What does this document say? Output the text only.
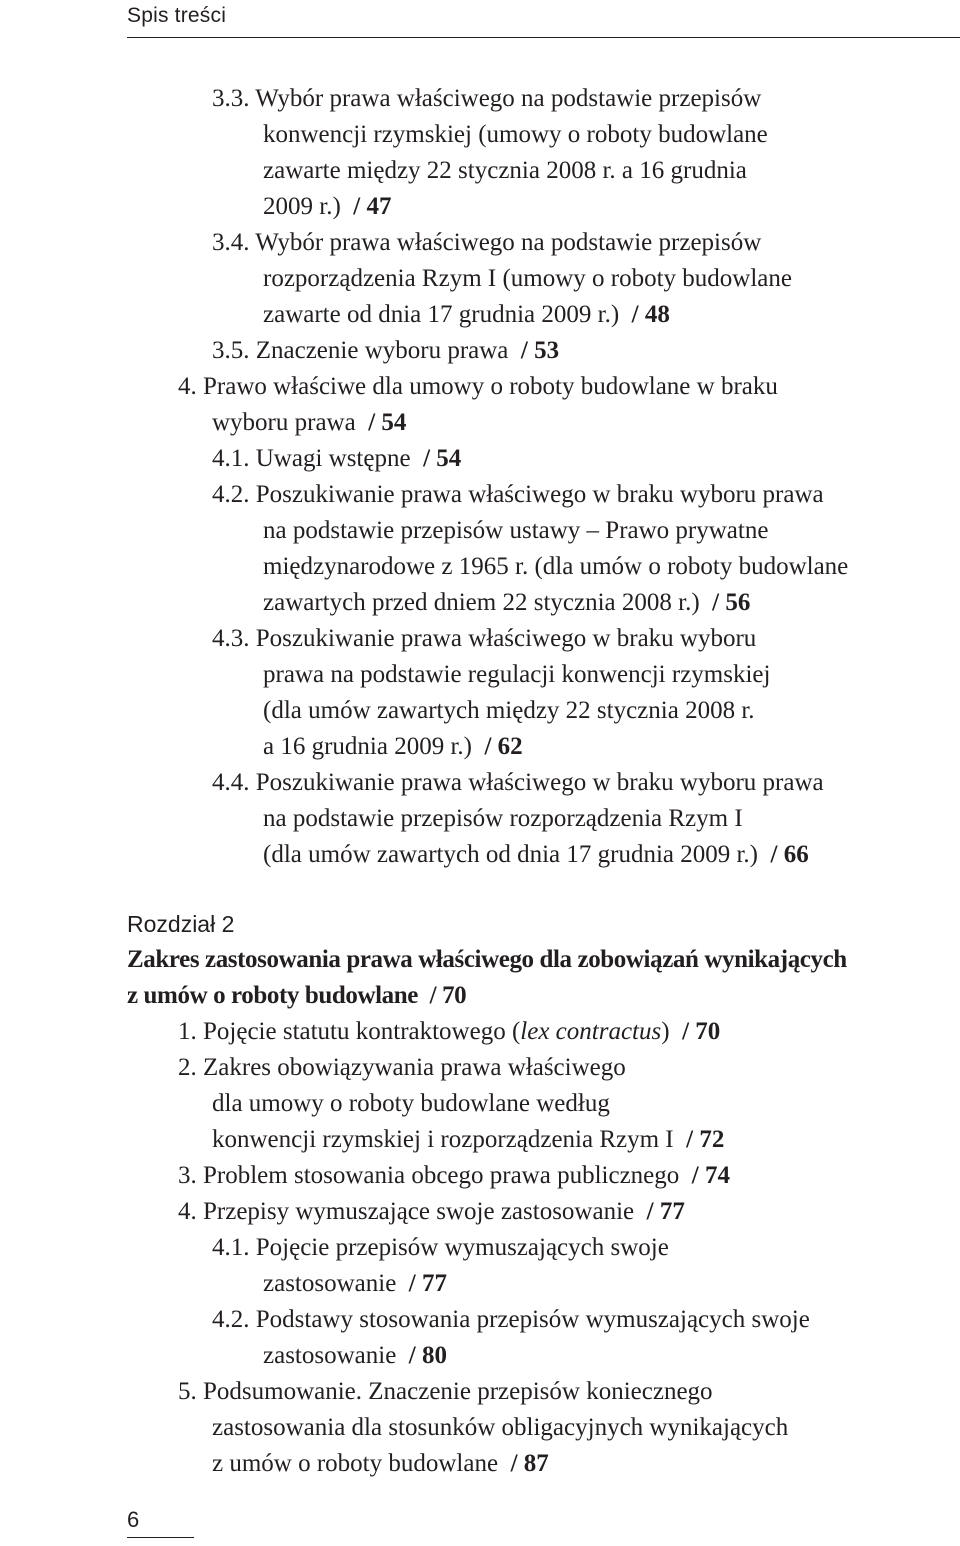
Spis treści
3.3. Wybór prawa właściwego na podstawie przepisów
konwencji rzymskiej (umowy o roboty budowlane
zawarte między 22 stycznia 2008 r. a 16 grudnia
2009 r.) / 47
3.4. Wybór prawa właściwego na podstawie przepisów
rozporządzenia Rzym I (umowy o roboty budowlane
zawarte od dnia 17 grudnia 2009 r.) / 48
3.5. Znaczenie wyboru prawa / 53
4. Prawo właściwe dla umowy o roboty budowlane w braku
wyboru prawa / 54
4.1. Uwagi wstępne / 54
4.2. Poszukiwanie prawa właściwego w braku wyboru prawa
na podstawie przepisów ustawy – Prawo prywatne
międzynarodowe z 1965 r. (dla umów o roboty budowlane
zawartych przed dniem 22 stycznia 2008 r.) / 56
4.3. Poszukiwanie prawa właściwego w braku wyboru
prawa na podstawie regulacji konwencji rzymskiej
(dla umów zawartych między 22 stycznia 2008 r.
a 16 grudnia 2009 r.) / 62
4.4. Poszukiwanie prawa właściwego w braku wyboru prawa
na podstawie przepisów rozporządzenia Rzym I
(dla umów zawartych od dnia 17 grudnia 2009 r.) / 66
Rozdział 2
Zakres zastosowania prawa właściwego dla zobowiązań wynikających
z umów o roboty budowlane / 70
1. Pojęcie statutu kontraktowego (lex contractus) / 70
2. Zakres obowiązywania prawa właściwego
dla umowy o roboty budowlane według
konwencji rzymskiej i rozporządzenia Rzym I / 72
3. Problem stosowania obcego prawa publicznego / 74
4. Przepisy wymuszające swoje zastosowanie / 77
4.1. Pojęcie przepisów wymuszających swoje
zastosowanie / 77
4.2. Podstawy stosowania przepisów wymuszających swoje
zastosowanie / 80
5. Podsumowanie. Znaczenie przepisów koniecznego
zastosowania dla stosunków obligacyjnych wynikających
z umów o roboty budowlane / 87
6
